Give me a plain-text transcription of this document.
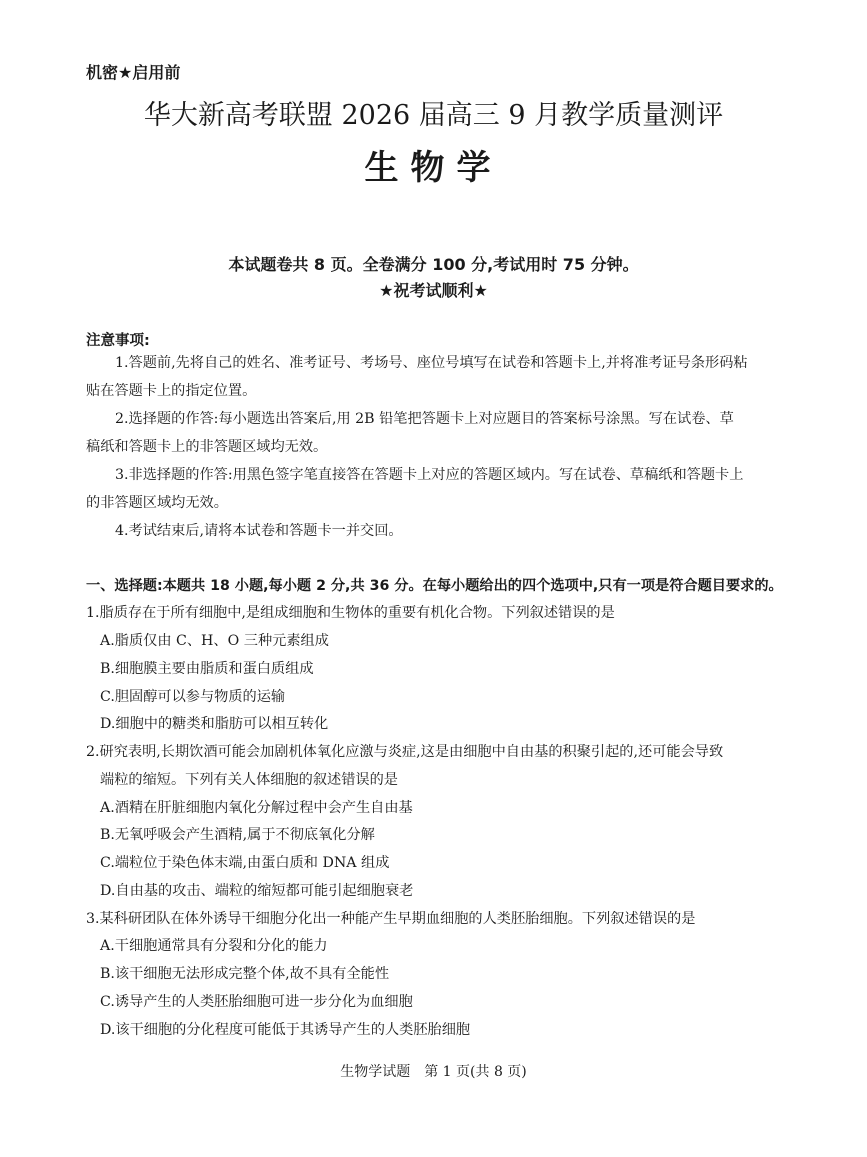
机密★启用前
华大新高考联盟 2026 届高三 9 月教学质量测评
生物学
本试题卷共 8 页。全卷满分 100 分,考试用时 75 分钟。
★祝考试顺利★
注意事项:
1.答题前,先将自己的姓名、准考证号、考场号、座位号填写在试卷和答题卡上,并将准考证号条形码粘
贴在答题卡上的指定位置。
2.选择题的作答:每小题选出答案后,用 2B 铅笔把答题卡上对应题目的答案标号涂黑。写在试卷、草
稿纸和答题卡上的非答题区域均无效。
3.非选择题的作答:用黑色签字笔直接答在答题卡上对应的答题区域内。写在试卷、草稿纸和答题卡上
的非答题区域均无效。
4.考试结束后,请将本试卷和答题卡一并交回。
一、选择题:本题共 18 小题,每小题 2 分,共 36 分。在每小题给出的四个选项中,只有一项是符合题目要求的。
1.脂质存在于所有细胞中,是组成细胞和生物体的重要有机化合物。下列叙述错误的是
A.脂质仅由 C、H、O 三种元素组成
B.细胞膜主要由脂质和蛋白质组成
C.胆固醇可以参与物质的运输
D.细胞中的糖类和脂肪可以相互转化
2.研究表明,长期饮酒可能会加剧机体氧化应激与炎症,这是由细胞中自由基的积聚引起的,还可能会导致
端粒的缩短。下列有关人体细胞的叙述错误的是
A.酒精在肝脏细胞内氧化分解过程中会产生自由基
B.无氧呼吸会产生酒精,属于不彻底氧化分解
C.端粒位于染色体末端,由蛋白质和 DNA 组成
D.自由基的攻击、端粒的缩短都可能引起细胞衰老
3.某科研团队在体外诱导干细胞分化出一种能产生早期血细胞的人类胚胎细胞。下列叙述错误的是
A.干细胞通常具有分裂和分化的能力
B.该干细胞无法形成完整个体,故不具有全能性
C.诱导产生的人类胚胎细胞可进一步分化为血细胞
D.该干细胞的分化程度可能低于其诱导产生的人类胚胎细胞
生物学试题　第 1 页(共 8 页)
